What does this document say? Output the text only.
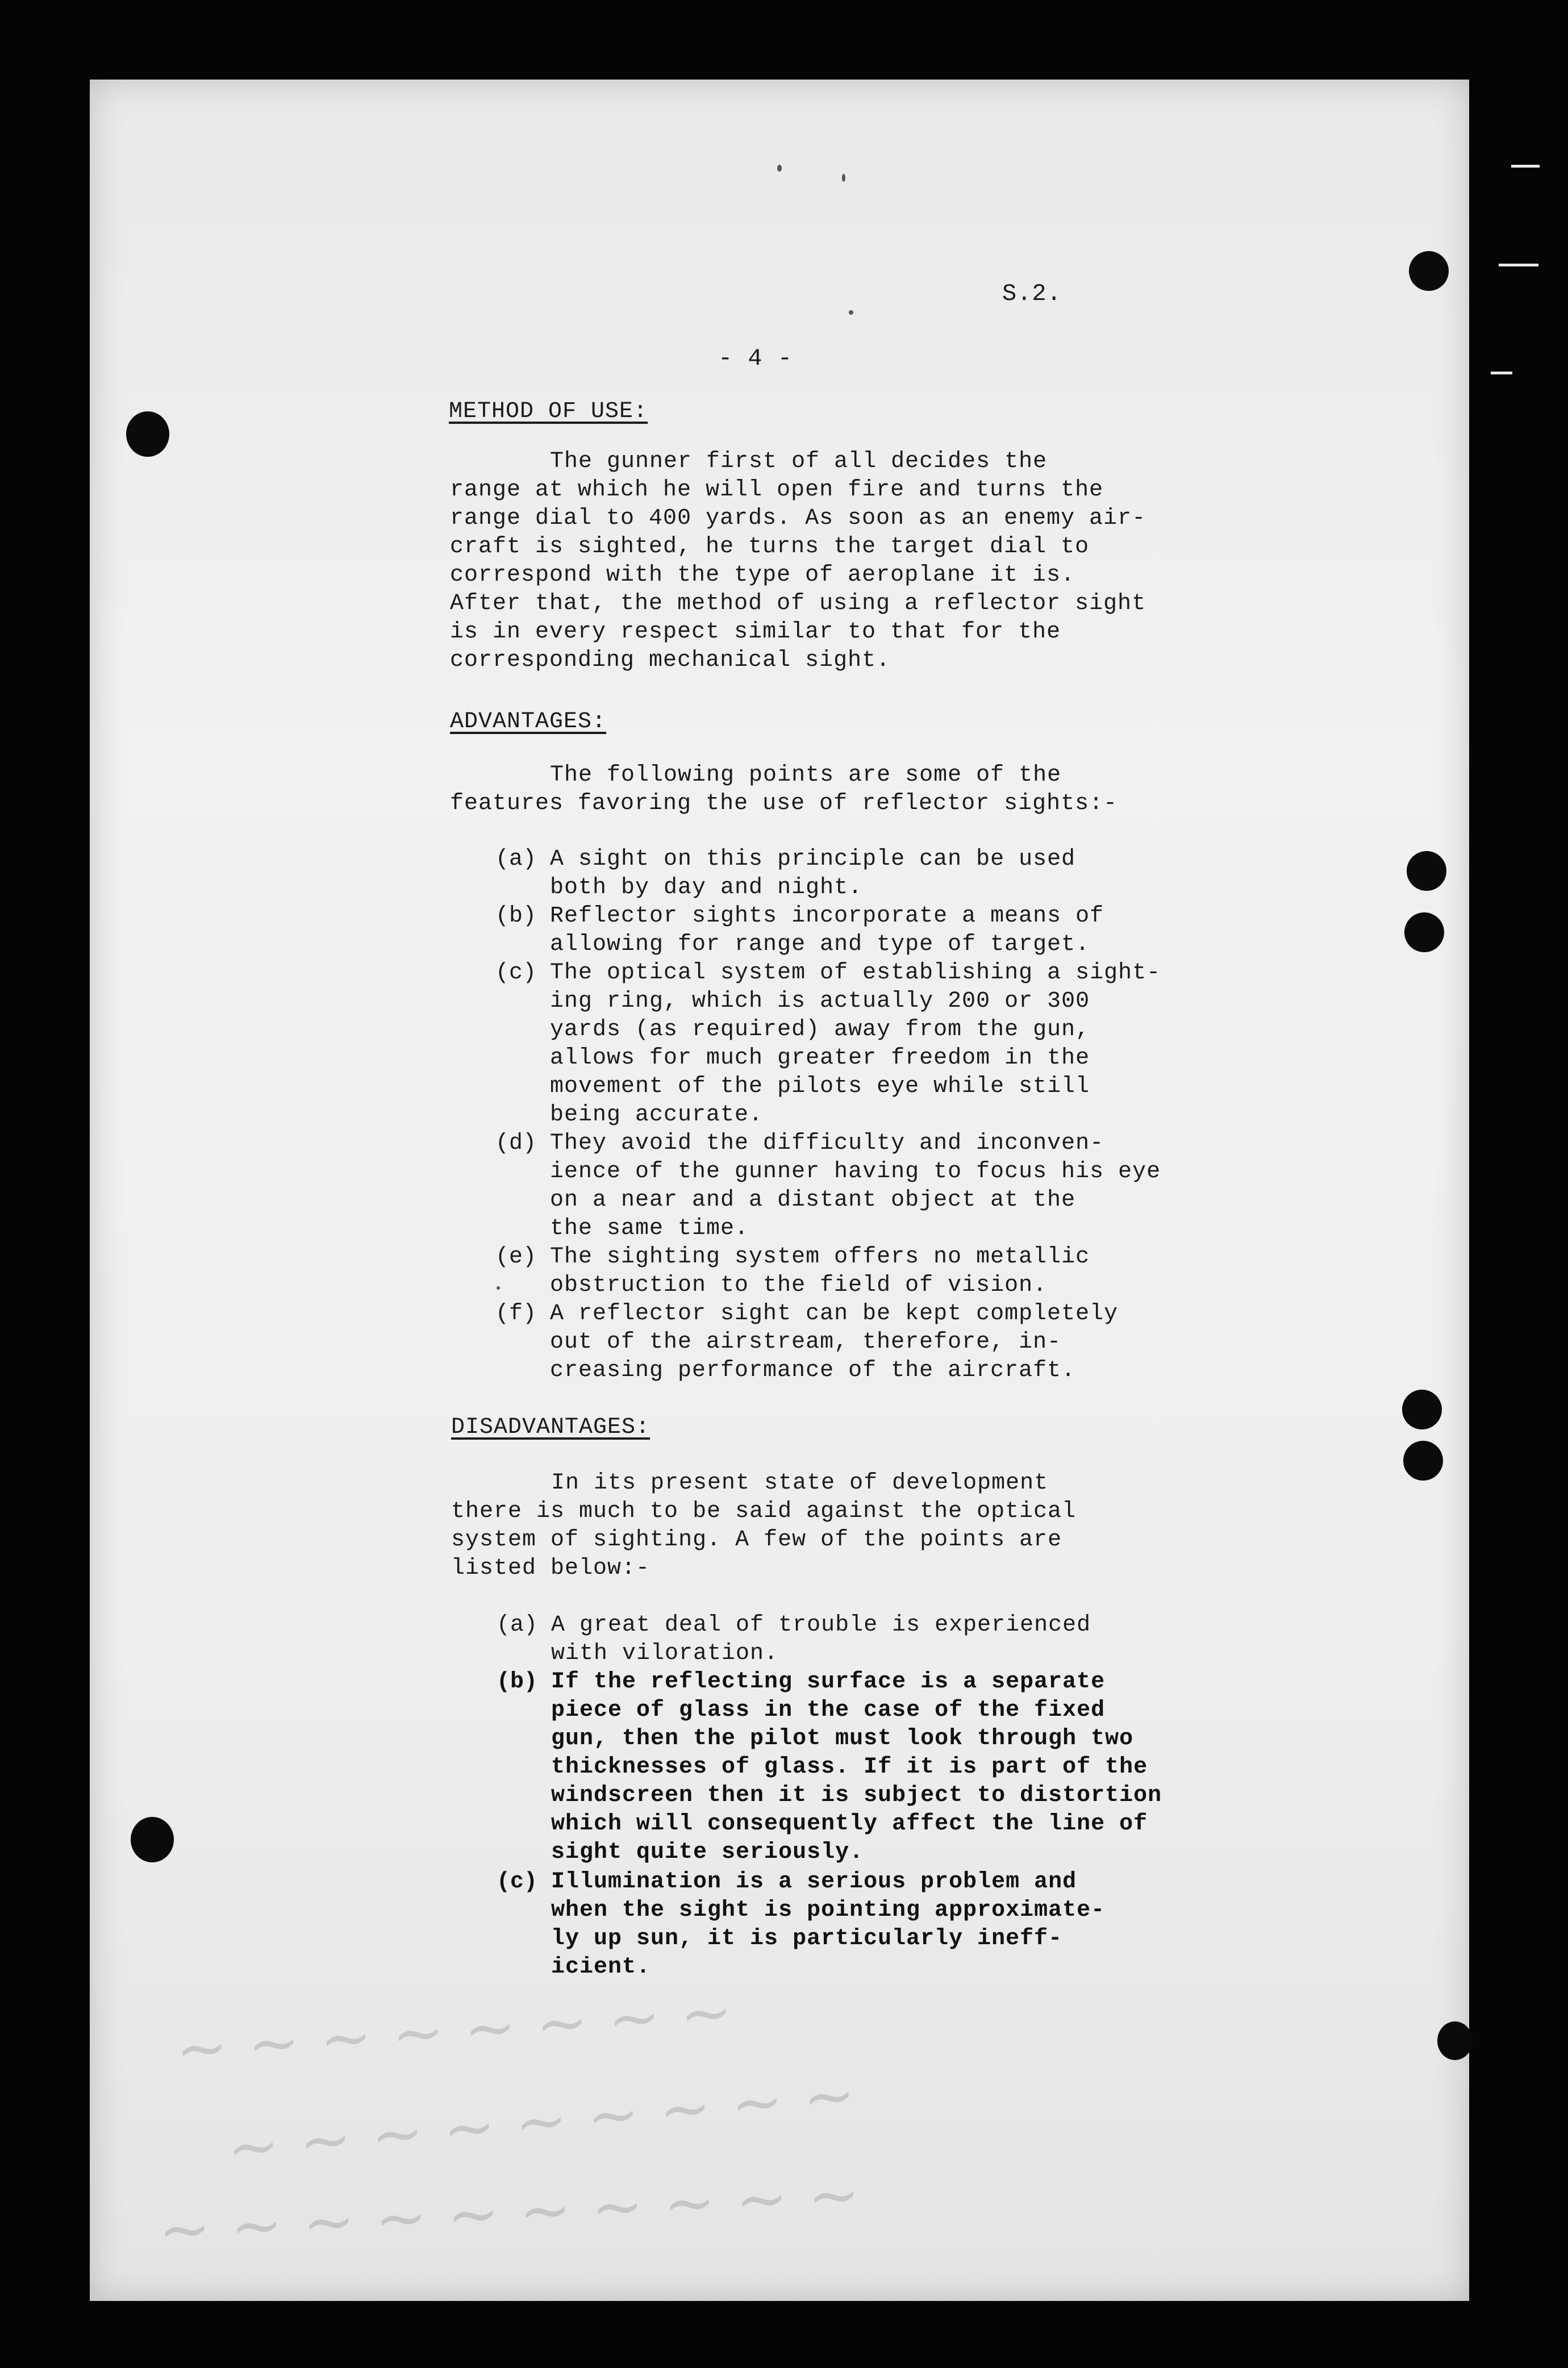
~ ~ ~ ~ ~ ~ ~ ~
~ ~ ~ ~ ~ ~ ~ ~ ~
~ ~ ~ ~ ~ ~ ~ ~ ~ ~
S.2.
- 4 -
METHOD OF USE:
The gunner first of all decides the
range at which he will open fire and turns the
range dial to 400 yards. As soon as an enemy air-
craft is sighted, he turns the target dial to
correspond with the type of aeroplane it is.
After that, the method of using a reflector sight
is in every respect similar to that for the
corresponding mechanical sight.
ADVANTAGES:
The following points are some of the
features favoring the use of reflector sights:-
(a) A sight on this principle can be used
both by day and night.
(b) Reflector sights incorporate a means of
allowing for range and type of target.
(c) The optical system of establishing a sight-
ing ring, which is actually 200 or 300
yards (as required) away from the gun,
allows for much greater freedom in the
movement of the pilots eye while still
being accurate.
(d) They avoid the difficulty and inconven-
ience of the gunner having to focus his eye
on a near and a distant object at the
the same time.
(e) The sighting system offers no metallic
obstruction to the field of vision.
(f) A reflector sight can be kept completely
out of the airstream, therefore, in-
creasing performance of the aircraft.
DISADVANTAGES:
In its present state of development
there is much to be said against the optical
system of sighting. A few of the points are
listed below:-
(a) A great deal of trouble is experienced
with viloration.
(b) If the reflecting surface is a separate
piece of glass in the case of the fixed
gun, then the pilot must look through two
thicknesses of glass. If it is part of the
windscreen then it is subject to distortion
which will consequently affect the line of
sight quite seriously.
(c) Illumination is a serious problem and
when the sight is pointing approximate-
ly up sun, it is particularly ineff-
icient.
